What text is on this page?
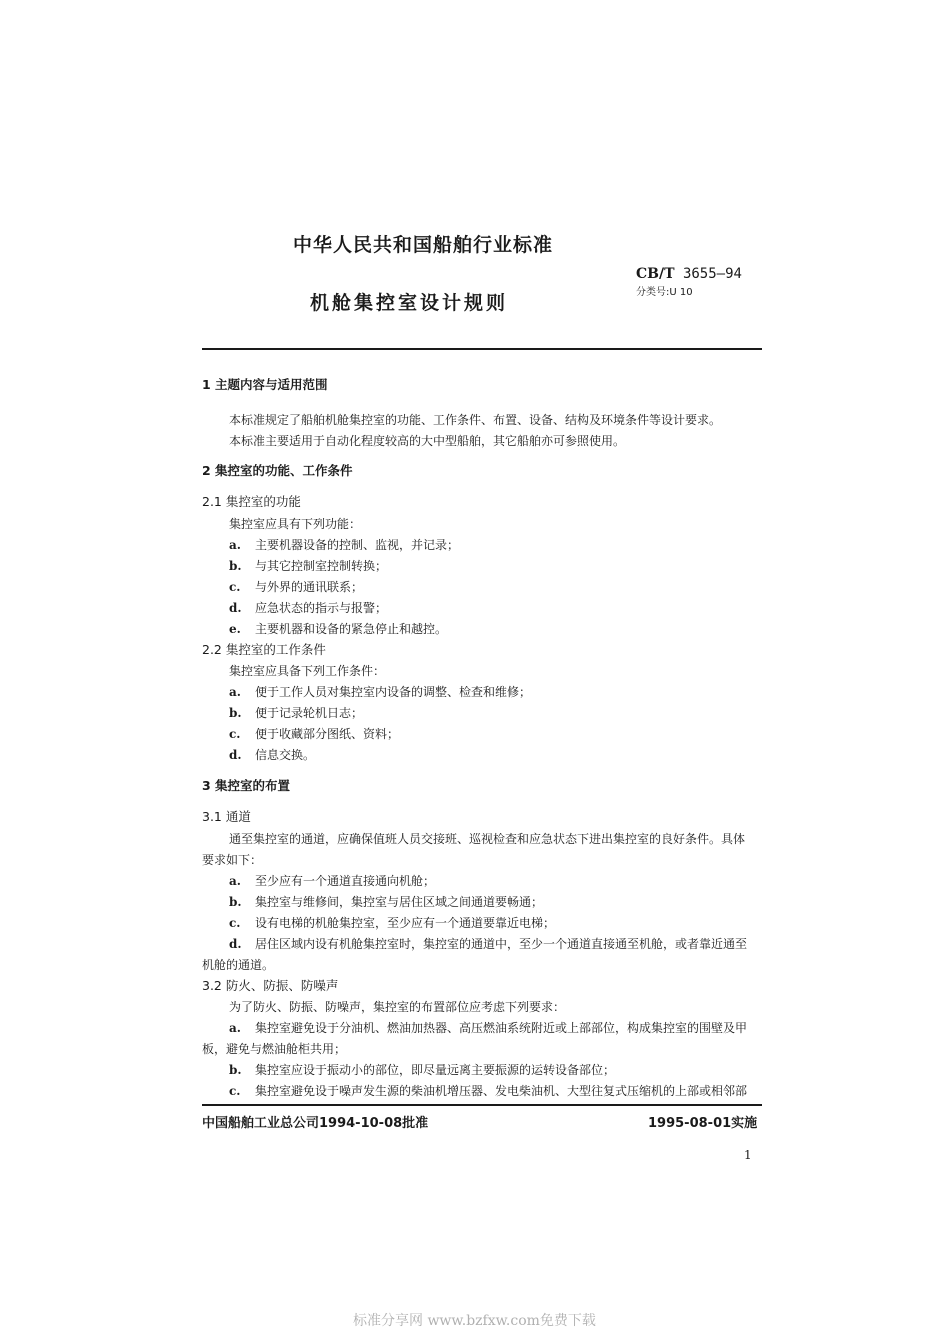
中华人民共和国船舶行业标准
机舱集控室设计规则
CB/T 3655—94
分类号:U 10
1 主题内容与适用范围
本标准规定了船舶机舱集控室的功能、工作条件、布置、设备、结构及环境条件等设计要求。
本标准主要适用于自动化程度较高的大中型船舶，其它船舶亦可参照使用。
2 集控室的功能、工作条件
2.1 集控室的功能
集控室应具有下列功能：
a. 主要机器设备的控制、监视，并记录；
b. 与其它控制室控制转换；
c. 与外界的通讯联系；
d. 应急状态的指示与报警；
e. 主要机器和设备的紧急停止和越控。
2.2 集控室的工作条件
集控室应具备下列工作条件：
a. 便于工作人员对集控室内设备的调整、检查和维修；
b. 便于记录轮机日志；
c. 便于收藏部分图纸、资料；
d. 信息交换。
3 集控室的布置
3.1 通道
通至集控室的通道，应确保值班人员交接班、巡视检查和应急状态下进出集控室的良好条件。具体
要求如下：
a. 至少应有一个通道直接通向机舱；
b. 集控室与维修间，集控室与居住区域之间通道要畅通；
c. 设有电梯的机舱集控室，至少应有一个通道要靠近电梯；
d. 居住区域内设有机舱集控室时，集控室的通道中，至少一个通道直接通至机舱，或者靠近通至
机舱的通道。
3.2 防火、防振、防噪声
为了防火、防振、防噪声，集控室的布置部位应考虑下列要求：
a. 集控室避免设于分油机、燃油加热器、高压燃油系统附近或上部部位，构成集控室的围壁及甲
板，避免与燃油舱柜共用；
b. 集控室应设于振动小的部位，即尽量远离主要振源的运转设备部位；
c. 集控室避免设于噪声发生源的柴油机增压器、发电柴油机、大型往复式压缩机的上部或相邻部
中国船舶工业总公司1994-10-08批准	1995-08-01实施
1
标准分享网 www.bzfxw.com免费下载
